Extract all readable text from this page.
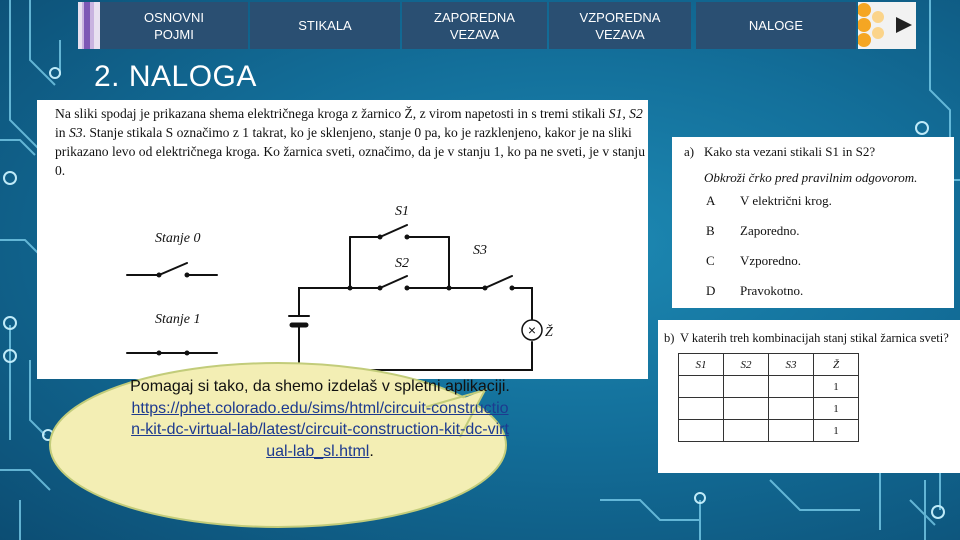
OSNOVNI
POJMI
STIKALA
ZAPOREDNA
VEZAVA
VZPOREDNA
VEZAVA
NALOGE
2. NALOGA
Na sliki spodaj je prikazana shema električnega kroga z žarnico Ž, z virom napetosti in s tremi stikali S1, S2 in S3. Stanje stikala S označimo z 1 takrat, ko je sklenjeno, stanje 0 pa, ko je razklenjeno, kakor je na sliki prikazano levo od električnega kroga. Ko žarnica sveti, označimo, da je v stanju 1, ko pa ne sveti, je v stanju 0.
Stanje 0
Stanje 1
S1
S2
S3
Ž
×
Pomagaj si tako, da shemo izdelaš v spletni aplikaciji.
https://phet.colorado.edu/sims/html/circuit-construction-kit-dc-virtual-lab/latest/circuit-construction-kit-dc-virtual-lab_sl.html.
a) Kako sta vezani stikali S1 in S2?
Obkroži črko pred pravilnim odgovorom.
A V električni krog.
B Zaporedno.
C Vzporedno.
D Pravokotno.
b) V katerih treh kombinacijah stanj stikal žarnica sveti?
S1	S2	S3	Ž
			1
			1
			1
